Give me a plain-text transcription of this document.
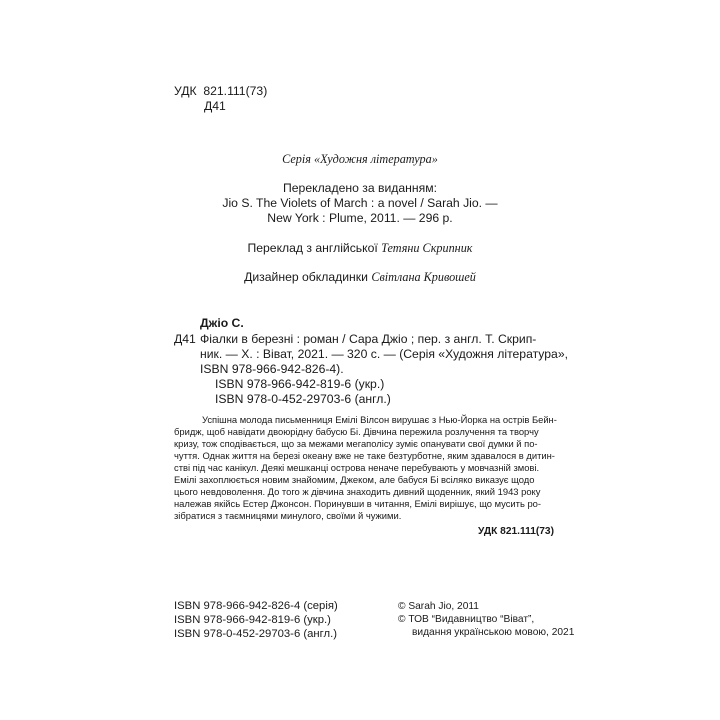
УДК 821.111(73)
Д41
Серія «Художня література»
Перекладено за виданням:
Jio S. The Violets of March : a novel / Sarah Jio. —
New York : Plume, 2011. — 296 p.
Переклад з англійської Тетяни Скрипник
Дизайнер обкладинки Світлана Кривошей
Джіо С.
Д41 Фіалки в березні : роман / Сара Джіо ; пер. з англ. Т. Скрип-
ник. — Х. : Віват, 2021. — 320 с. — (Серія «Художня література»,
ISBN 978-966-942-826-4).
ISBN 978-966-942-819-6 (укр.)
ISBN 978-0-452-29703-6 (англ.)
Успішна молода письменниця Емілі Вілсон вирушає з Нью-Йорка на острів Бейн-
бридж, щоб навідати двоюрідну бабусю Бі. Дівчина пережила розлучення та творчу
кризу, тож сподівається, що за межами мегаполісу зуміє опанувати свої думки й по-
чуття. Однак життя на березі океану вже не таке безтурботне, яким здавалося в дитин-
стві під час канікул. Деякі мешканці острова неначе перебувають у мовчазній змові.
Емілі захоплюється новим знайомим, Джеком, але бабуся Бі всіляко виказує щодо
цього невдоволення. До того ж дівчина знаходить дивний щоденник, який 1943 року
належав якійсь Естер Джонсон. Поринувши в читання, Емілі вирішує, що мусить ро-
зібратися з таємницями минулого, своїми й чужими.
УДК 821.111(73)
ISBN 978-966-942-826-4 (серія)
ISBN 978-966-942-819-6 (укр.)
ISBN 978-0-452-29703-6 (англ.)
© Sarah Jio, 2011
© ТОВ “Видавництво “Віват”,
видання українською мовою, 2021
